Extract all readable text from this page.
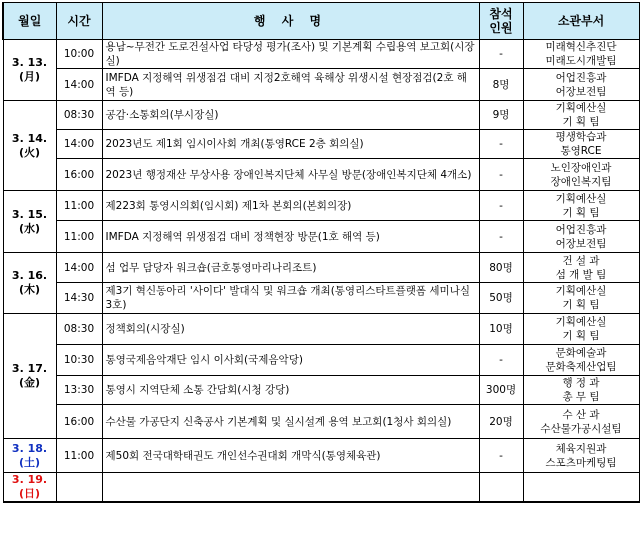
월일	시간	행 사 명	참석
인원	소관부서

3. 13.
(月)	10:00	용남~무전간 도로건설사업 타당성 평가(조사) 및 기본계획 수립용역 보고회(시장실)	-	미래혁신추진단
미래도시개발팀

	14:00	IMFDA 지정해역 위생점검 대비 지정2호해역 육해상 위생시설 현장점검(2호 해역 등)	8명	어업진흥과
어장보전팀

3. 14.
(火)	08:30	공감·소통회의(부시장실)	9명	기획예산실
기 획 팀

	14:00	2023년도 제1회 임시이사회 개최(통영RCE 2층 회의실)	-	평생학습과
통영RCE

	16:00	2023년 행정재산 무상사용 장애인복지단체 사무실 방문(장애인복지단체 4개소)	-	노인장애인과
장애인복지팀

3. 15.
(水)	11:00	제223회 통영시의회(임시회) 제1차 본회의(본회의장)	-	기획예산실
기 획 팀

	11:00	IMFDA 지정해역 위생점검 대비 정책현장 방문(1호 해역 등)	-	어업진흥과
어장보전팀

3. 16.
(木)	14:00	섬 업무 담당자 워크숍(금호통영마리나리조트)	80명	건 설 과
섬 개 발 팀

	14:30	제3기 혁신동아리 '사이다' 발대식 및 워크숍 개최(통영리스타트플랫폼 세미나실 3호)	50명	기획예산실
기 획 팀

3. 17.
(金)	08:30	정책회의(시장실)	10명	기획예산실
기 획 팀

	10:30	통영국제음악재단 임시 이사회(국제음악당)	-	문화예술과
문화축제산업팀

	13:30	통영시 지역단체 소통 간담회(시청 강당)	300명	행 정 과
총 무 팀

	16:00	수산물 가공단지 신축공사 기본계획 및 실시설계 용역 보고회(1청사 회의실)	20명	수 산 과
수산물가공시설팀

3. 18.
(土)	11:00	제50회 전국대학태권도 개인선수권대회 개막식(통영체육관)	-	체육지원과
스포츠마케팅팀

3. 19.
(日)				
